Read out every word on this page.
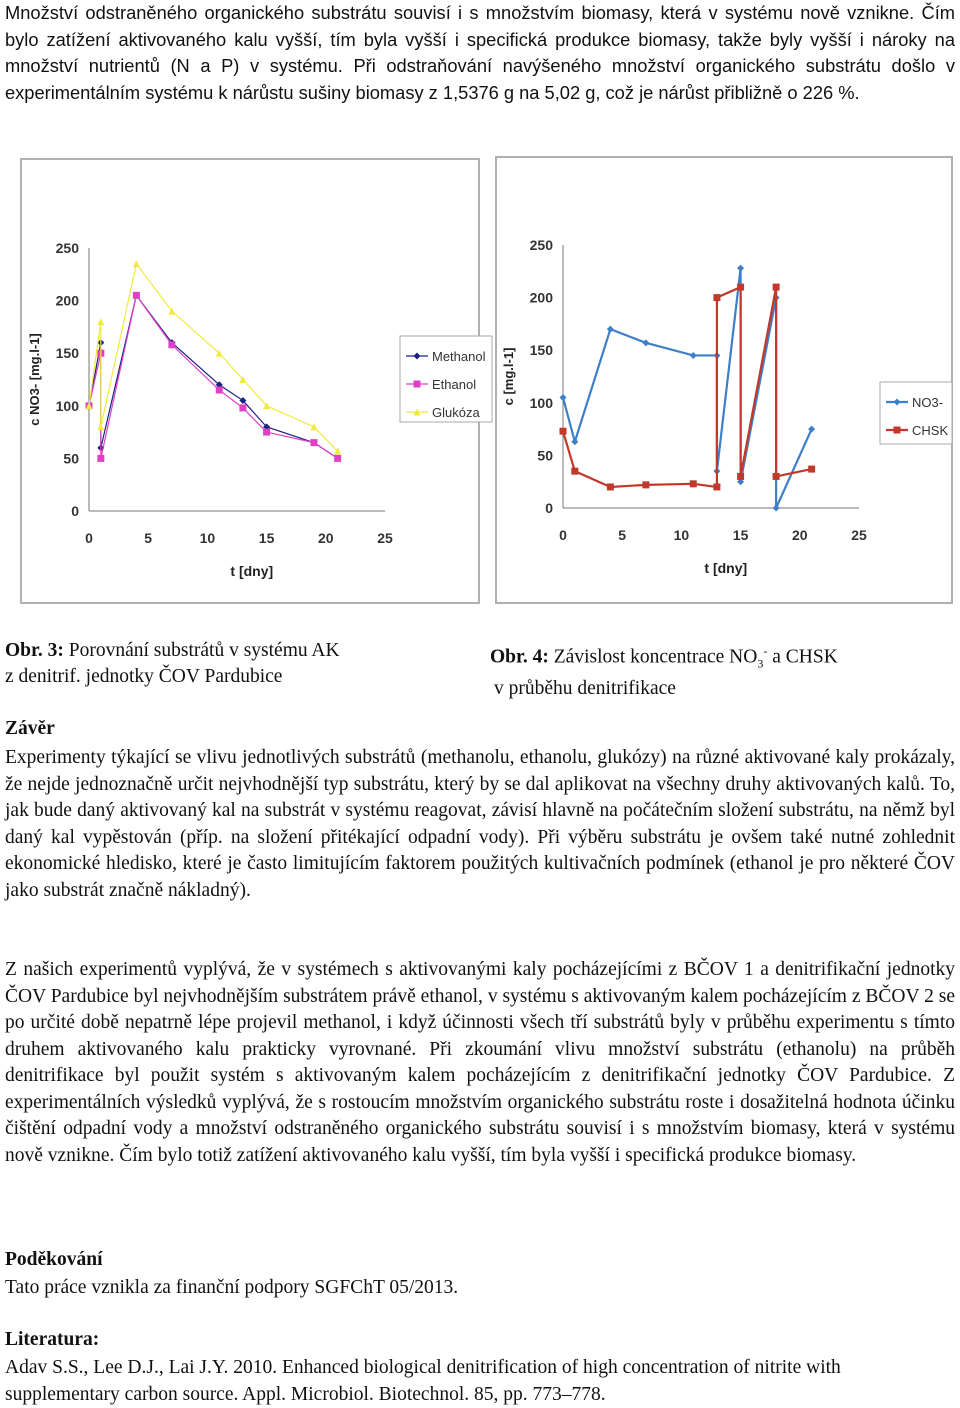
Množství odstraněného organického substrátu souvisí i s množstvím biomasy, která v systému nově vznikne. Čím bylo zatížení aktivovaného kalu vyšší, tím byla vyšší i specifická produkce biomasy, takže byly vyšší i nároky na množství nutrientů (N a P) v systému. Při odstraňování navýšeného množství organického substrátu došlo v experimentálním systému k nárůstu sušiny biomasy z 1,5376 g na 5,02 g, což je nárůst přibližně o 226 %.

0
50
100
150
200
250
0	5	10	15	20	25
t [dny]
c NO3- [mg.l-1]	Methanol
Ethanol
Glukóza
0
50
100
150
200
250
0	5	10	15	20	25
t [dny]
c [mg.l-1]	NO3-
CHSK
Obr. 3: Porovnání substrátů v systému AK
z denitrif. jednotky ČOV Pardubice
Obr. 4: Závislost koncentrace $NO_3^-$ a CHSK
v průběhu denitrifikace
Závěr

Experimenty týkající se vlivu jednotlivých substrátů (methanolu, ethanolu, glukózy) na různé aktivované kaly prokázaly, že nejde jednoznačně určit nejvhodnější typ substrátu, který by se dal aplikovat na všechny druhy aktivovaných kalů. To, jak bude daný aktivovaný kal na substrát v systému reagovat, závisí hlavně na počátečním složení substrátu, na němž byl daný kal vypěstován (příp. na složení přitékající odpadní vody). Při výběru substrátu je ovšem také nutné zohlednit ekonomické hledisko, které je často limitujícím faktorem použitých kultivačních podmínek (ethanol je pro některé ČOV jako substrát značně nákladný).

Z našich experimentů vyplývá, že v systémech s aktivovanými kaly pocházejícími z BČOV 1 a denitrifikační jednotky ČOV Pardubice byl nejvhodnějším substrátem právě ethanol, v systému s aktivovaným kalem pocházejícím z BČOV 2 se po určité době nepatrně lépe projevil methanol, i když účinnosti všech tří substrátů byly v průběhu experimentu s tímto druhem aktivovaného kalu prakticky vyrovnané. Při zkoumání vlivu množství substrátu (ethanolu) na průběh denitrifikace byl použit systém s aktivovaným kalem pocházejícím z denitrifikační jednotky ČOV Pardubice. Z experimentálních výsledků vyplývá, že s rostoucím množstvím organického substrátu roste i dosažitelná hodnota účinku čištění odpadní vody a množství odstraněného organického substrátu souvisí i s množstvím biomasy, která v systému nově vznikne. Čím bylo totiž zatížení aktivovaného kalu vyšší, tím byla vyšší i specifická produkce biomasy.

Poděkování

Tato práce vznikla za finanční podpory SGFChT 05/2013.

Literatura:

Adav S.S., Lee D.J., Lai J.Y. 2010. Enhanced biological denitrification of high concentration of nitrite with supplementary carbon source. Appl. Microbiol. Biotechnol. 85, pp. 773–778.
